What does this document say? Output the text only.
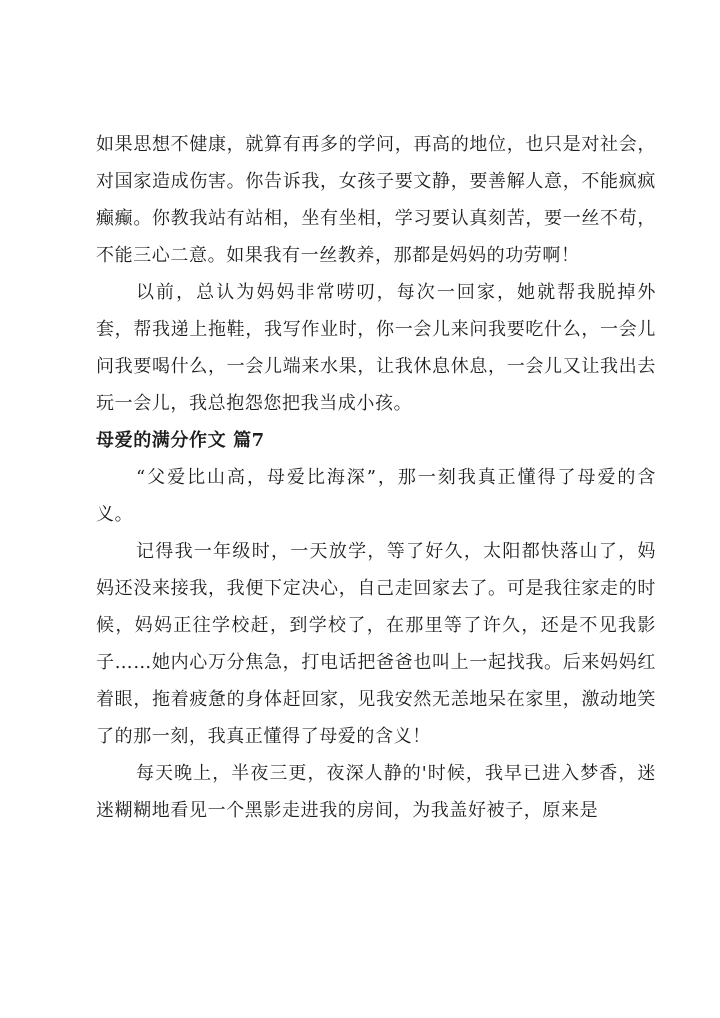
如果思想不健康，就算有再多的学问，再高的地位，也只是对社会，对国家造成伤害。你告诉我，女孩子要文静，要善解人意，不能疯疯癫癫。你教我站有站相，坐有坐相，学习要认真刻苦，要一丝不苟，不能三心二意。如果我有一丝教养，那都是妈妈的功劳啊！

以前，总认为妈妈非常唠叨，每次一回家，她就帮我脱掉外套，帮我递上拖鞋，我写作业时，你一会儿来问我要吃什么，一会儿问我要喝什么，一会儿端来水果，让我休息休息，一会儿又让我出去玩一会儿，我总抱怨您把我当成小孩。

母爱的满分作文 篇7

“父爱比山高，母爱比海深”，那一刻我真正懂得了母爱的含义。

记得我一年级时，一天放学，等了好久，太阳都快落山了，妈妈还没来接我，我便下定决心，自己走回家去了。可是我往家走的时候，妈妈正往学校赶，到学校了，在那里等了许久，还是不见我影子……她内心万分焦急，打电话把爸爸也叫上一起找我。后来妈妈红着眼，拖着疲惫的身体赶回家，见我安然无恙地呆在家里，激动地笑了的那一刻，我真正懂得了母爱的含义！

每天晚上，半夜三更，夜深人静的'时候，我早已进入梦香，迷迷糊糊地看见一个黑影走进我的房间，为我盖好被子，原来是
